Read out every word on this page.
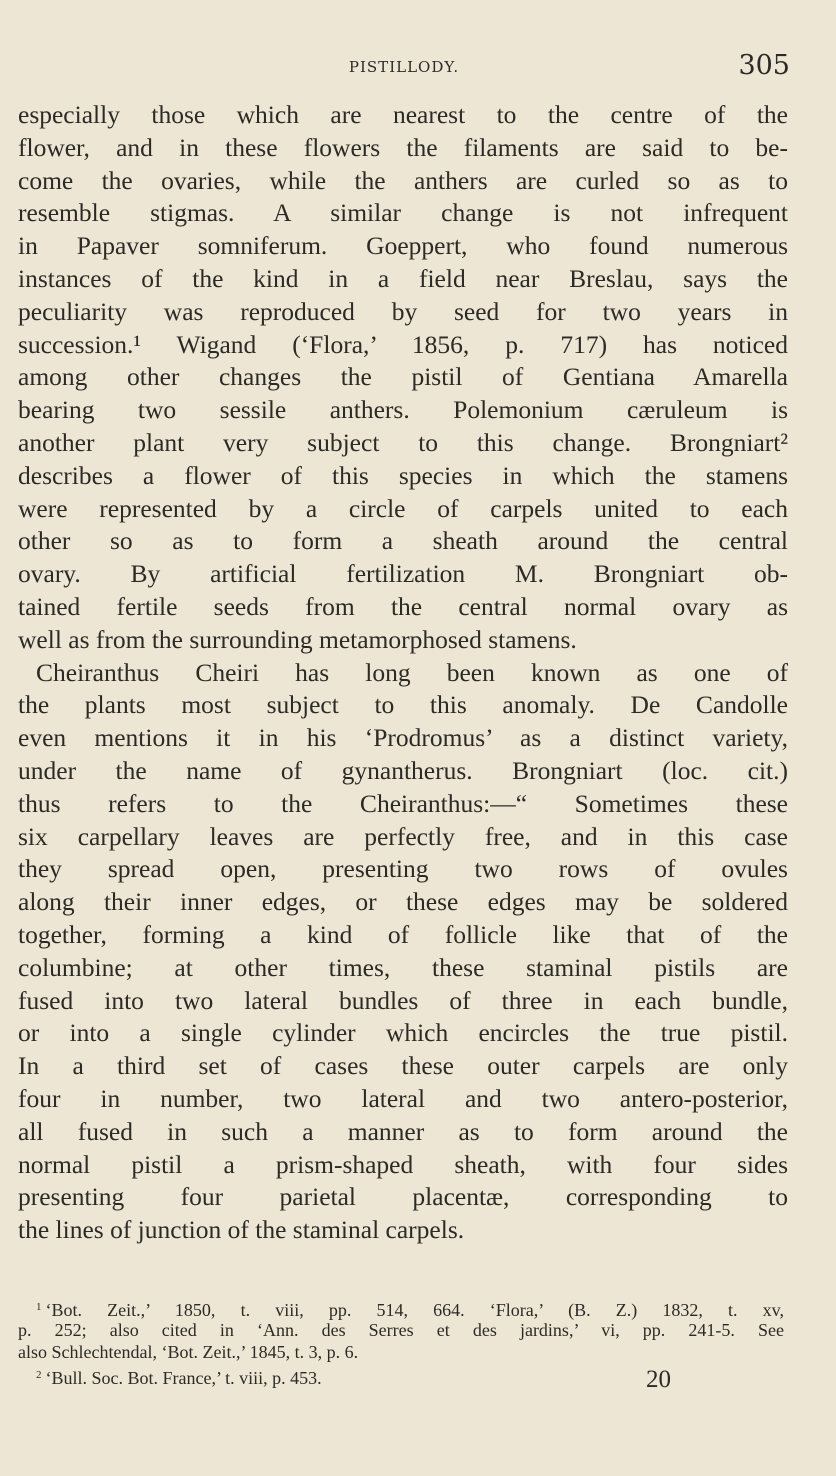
PISTILLODY.	305
especially those which are nearest to the centre of the
flower, and in these flowers the filaments are said to be-
come the ovaries, while the anthers are curled so as to
resemble stigmas. A similar change is not infrequent
in Papaver somniferum. Goeppert, who found numerous
instances of the kind in a field near Breslau, says the
peculiarity was reproduced by seed for two years in
succession.¹ Wigand (‘Flora,’ 1856, p. 717) has noticed
among other changes the pistil of Gentiana Amarella
bearing two sessile anthers. Polemonium cæruleum is
another plant very subject to this change. Brongniart²
describes a flower of this species in which the stamens
were represented by a circle of carpels united to each
other so as to form a sheath around the central
ovary. By artificial fertilization M. Brongniart ob-
tained fertile seeds from the central normal ovary as
well as from the surrounding metamorphosed stamens.
Cheiranthus Cheiri has long been known as one of
the plants most subject to this anomaly. De Candolle
even mentions it in his ‘Prodromus’ as a distinct variety,
under the name of gynantherus. Brongniart (loc. cit.)
thus refers to the Cheiranthus:—“ Sometimes these
six carpellary leaves are perfectly free, and in this case
they spread open, presenting two rows of ovules
along their inner edges, or these edges may be soldered
together, forming a kind of follicle like that of the
columbine; at other times, these staminal pistils are
fused into two lateral bundles of three in each bundle,
or into a single cylinder which encircles the true pistil.
In a third set of cases these outer carpels are only
four in number, two lateral and two antero-posterior,
all fused in such a manner as to form around the
normal pistil a prism-shaped sheath, with four sides
presenting four parietal placentæ, corresponding to
the lines of junction of the staminal carpels.
$^1$ ‘Bot. Zeit.,’ 1850, t. viii, pp. 514, 664. ‘Flora,’ (B. Z.) 1832, t. xv,
p. 252; also cited in ‘Ann. des Serres et des jardins,’ vi, pp. 241-5. See
also Schlechtendal, ‘Bot. Zeit.,’ 1845, t. 3, p. 6.
$^2$ ‘Bull. Soc. Bot. France,’ t. viii, p. 453.	20
